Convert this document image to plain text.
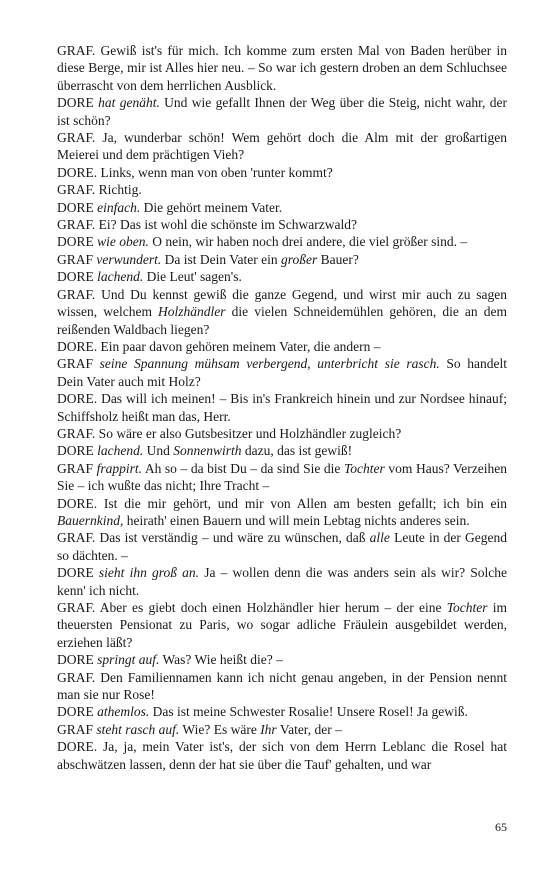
GRAF. Gewiß ist's für mich. Ich komme zum ersten Mal von Baden herüber in diese Berge, mir ist Alles hier neu. – So war ich gestern droben an dem Schluchsee überrascht von dem herrlichen Ausblick.

DORE hat genäht. Und wie gefallt Ihnen der Weg über die Steig, nicht wahr, der ist schön?

GRAF. Ja, wunderbar schön! Wem gehört doch die Alm mit der großartigen Meierei und dem prächtigen Vieh?

DORE. Links, wenn man von oben 'runter kommt?

GRAF. Richtig.

DORE einfach. Die gehört meinem Vater.

GRAF. Ei? Das ist wohl die schönste im Schwarzwald?

DORE wie oben. O nein, wir haben noch drei andere, die viel größer sind. –

GRAF verwundert. Da ist Dein Vater ein großer Bauer?

DORE lachend. Die Leut' sagen's.

GRAF. Und Du kennst gewiß die ganze Gegend, und wirst mir auch zu sagen wissen, welchem Holzhändler die vielen Schneidemühlen gehören, die an dem reißenden Waldbach liegen?

DORE. Ein paar davon gehören meinem Vater, die andern –

GRAF seine Spannung mühsam verbergend, unterbricht sie rasch. So handelt Dein Vater auch mit Holz?

DORE. Das will ich meinen! – Bis in's Frankreich hinein und zur Nordsee hinauf; Schiffsholz heißt man das, Herr.

GRAF. So wäre er also Gutsbesitzer und Holzhändler zugleich?

DORE lachend. Und Sonnenwirth dazu, das ist gewiß!

GRAF frappirt. Ah so – da bist Du – da sind Sie die Tochter vom Haus? Verzeihen Sie – ich wußte das nicht; Ihre Tracht –

DORE. Ist die mir gehört, und mir von Allen am besten gefallt; ich bin ein Bauernkind, heirath' einen Bauern und will mein Lebtag nichts anderes sein.

GRAF. Das ist verständig – und wäre zu wünschen, daß alle Leute in der Gegend so dächten. –

DORE sieht ihn groß an. Ja – wollen denn die was anders sein als wir? Solche kenn' ich nicht.

GRAF. Aber es giebt doch einen Holzhändler hier herum – der eine Tochter im theuersten Pensionat zu Paris, wo sogar adliche Fräulein ausgebildet werden, erziehen läßt?

DORE springt auf. Was? Wie heißt die? –

GRAF. Den Familiennamen kann ich nicht genau angeben, in der Pension nennt man sie nur Rose!

DORE athemlos. Das ist meine Schwester Rosalie! Unsere Rosel! Ja gewiß.

GRAF steht rasch auf. Wie? Es wäre Ihr Vater, der –

DORE. Ja, ja, mein Vater ist's, der sich von dem Herrn Leblanc die Rosel hat abschwätzen lassen, denn der hat sie über die Tauf' gehalten, und war

65
